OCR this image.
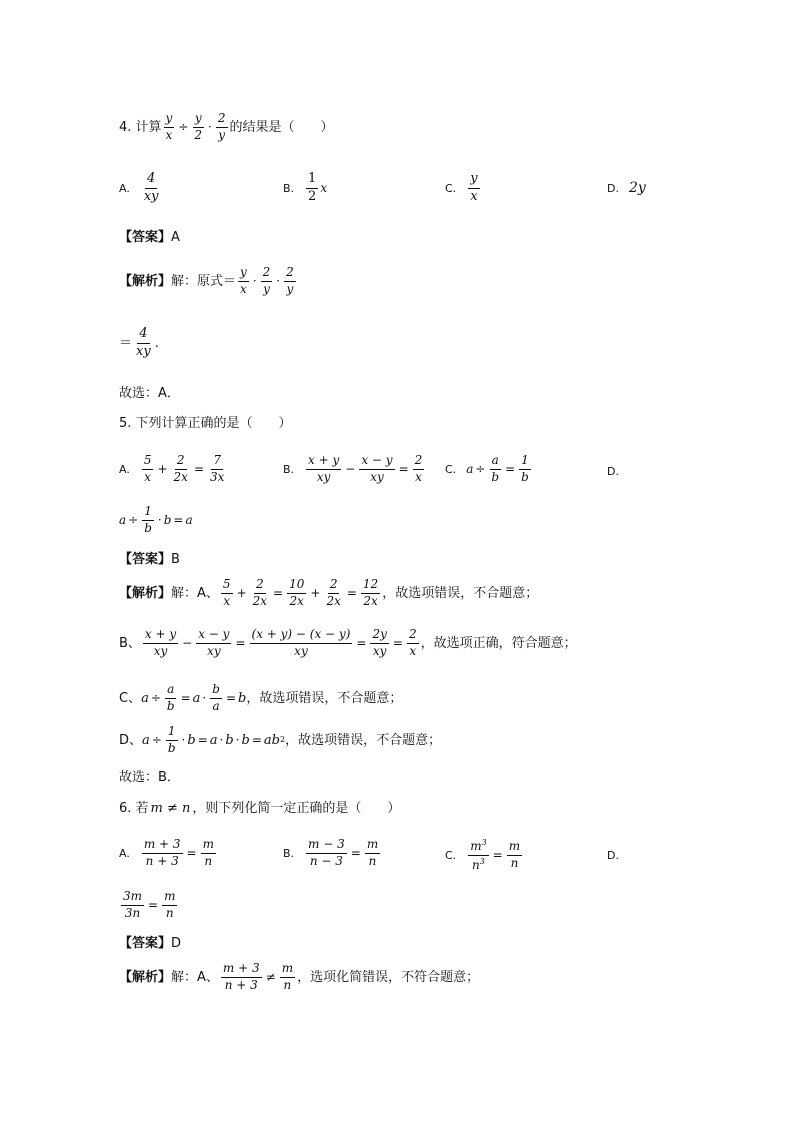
4. 计算 $\frac{y}{x} \div \frac{y}{2} \cdot \frac{2}{y}$ 的结果是（　　）
A. $\frac{4}{xy}$	B. $\frac{1}{2}$ x	C. $\frac{y}{x}$	D. 2y
【答案】 A
【解析】 解：原式＝ $\frac{y}{x} \cdot \frac{2}{y} \cdot \frac{2}{y}$
＝ $\frac{4}{xy}$ .
故选：A．
5. 下列计算正确的是（　　）
A. $\frac{5}{x} + \frac{2}{2x} = \frac{7}{3x}$	B. $\frac{x + y}{xy} - \frac{x - y}{xy} = \frac{2}{x} C$. $a \div \frac{a}{b} = \frac{1}{b}$	D.
$a \div \frac{1}{b} \cdot b = a$
【答案】 B
【解析】 解：A、 $\frac{5}{x} + \frac{2}{2x} = \frac{10}{2x} + \frac{2}{2x} = \frac{12}{2x}$ ，故选项错误，不合题意；
B、 $\frac{x + y}{xy} - \frac{x - y}{xy} = \frac{(x + y) - (x - y)}{xy} = \frac{2y}{xy} = \frac{2}{x}$ ，故选项正确，符合题意；
C、 $a \div \frac{a}{b} = a \cdot \frac{b}{a} = b$ ，故选项错误，不合题意；
D、 $a \div \frac{1}{b} \cdot b = a \cdot b \cdot b$ = ab 2 ，故选项错误，不合题意；
故选：B．
6. 若 m ≠ n ，则下列化简一定正确的是（　　）
A. $\frac{m + 3}{n + 3} = \frac{m}{n}$	B. $\frac{m - 3}{n - 3} = \frac{m}{n}$	C. $\frac{m^3}{n^3} = \frac{m}{n}$	D.
$\frac{3m}{3n} = \frac{m}{n}$
【答案】 D
【解析】 解：A、 $\frac{m + 3}{n + 3} \ne \frac{m}{n}$ ，选项化简错误，不符合题意；
